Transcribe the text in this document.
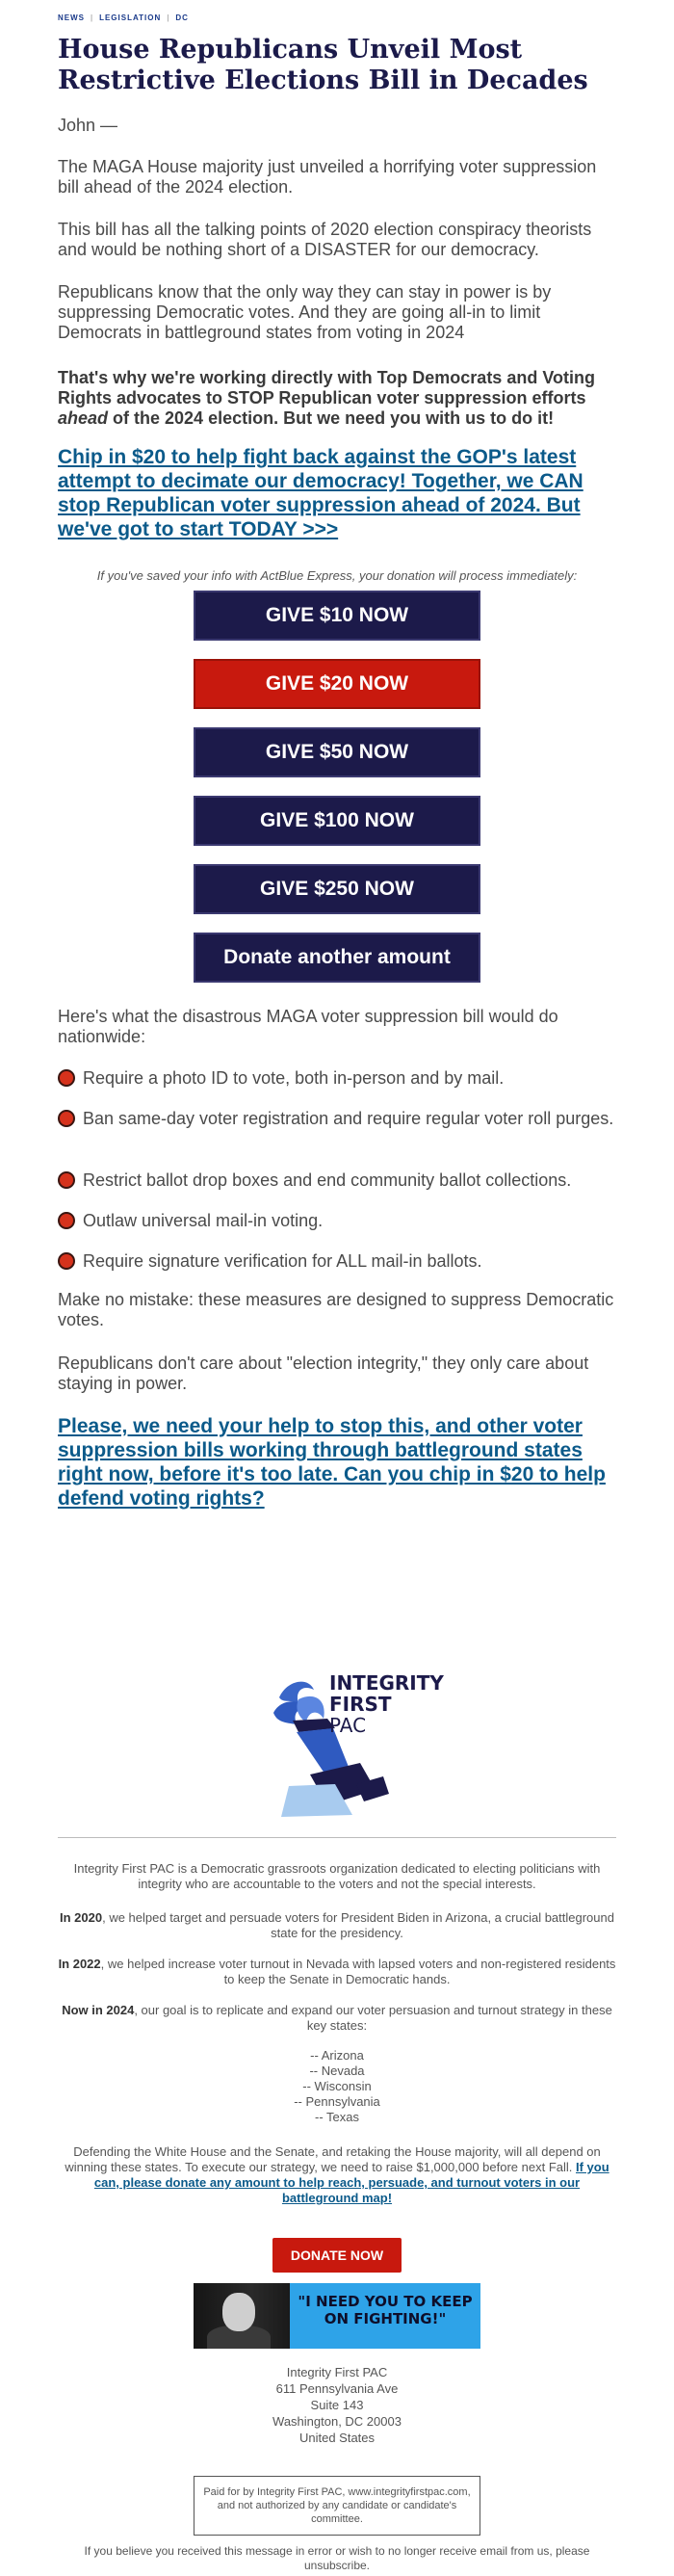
NEWS | LEGISLATION | DC
House Republicans Unveil Most Restrictive Elections Bill in Decades

John —

The MAGA House majority just unveiled a horrifying voter suppression bill ahead of the 2024 election.

This bill has all the talking points of 2020 election conspiracy theorists and would be nothing short of a DISASTER for our democracy.

Republicans know that the only way they can stay in power is by suppressing Democratic votes. And they are going all-in to limit Democrats in battleground states from voting in 2024

That's why we're working directly with Top Democrats and Voting Rights advocates to STOP Republican voter suppression efforts ahead of the 2024 election. But we need you with us to do it!

Chip in $20 to help fight back against the GOP's latest attempt to decimate our democracy! Together, we CAN stop Republican voter suppression ahead of 2024. But we've got to start TODAY >>>
If you've saved your info with ActBlue Express, your donation will process immediately:
GIVE $10 NOW
GIVE $20 NOW
GIVE $50 NOW
GIVE $100 NOW
GIVE $250 NOW
Donate another amount

Here's what the disastrous MAGA voter suppression bill would do nationwide:

Require a photo ID to vote, both in-person and by mail.
Ban same-day voter registration and require regular voter roll purges.
Restrict ballot drop boxes and end community ballot collections.
Outlaw universal mail-in voting.
Require signature verification for ALL mail-in ballots.

Make no mistake: these measures are designed to suppress Democratic votes.

Republicans don't care about "election integrity," they only care about staying in power.

Please, we need your help to stop this, and other voter suppression bills working through battleground states right now, before it's too late. Can you chip in $20 to help defend voting rights?
INTEGRITY
FIRST
PAC

Integrity First PAC is a Democratic grassroots organization dedicated to electing politicians with integrity who are accountable to the voters and not the special interests.

In 2020, we helped target and persuade voters for President Biden in Arizona, a crucial battleground state for the presidency.

In 2022, we helped increase voter turnout in Nevada with lapsed voters and non-registered residents to keep the Senate in Democratic hands.

Now in 2024, our goal is to replicate and expand our voter persuasion and turnout strategy in these key states:

-- Arizona
-- Nevada
-- Wisconsin
-- Pennsylvania
-- Texas

Defending the White House and the Senate, and retaking the House majority, will all depend on winning these states. To execute our strategy, we need to raise $1,000,000 before next Fall. If you can, please donate any amount to help reach, persuade, and turnout voters in our battleground map!

DONATE NOW
"I NEED YOU TO KEEP ON FIGHTING!"
Integrity First PAC
611 Pennsylvania Ave
Suite 143
Washington, DC 20003
United States
Paid for by Integrity First PAC, www.integrityfirstpac.com, and not authorized by any candidate or candidate's committee.

If you believe you received this message in error or wish to no longer receive email from us, please unsubscribe.
